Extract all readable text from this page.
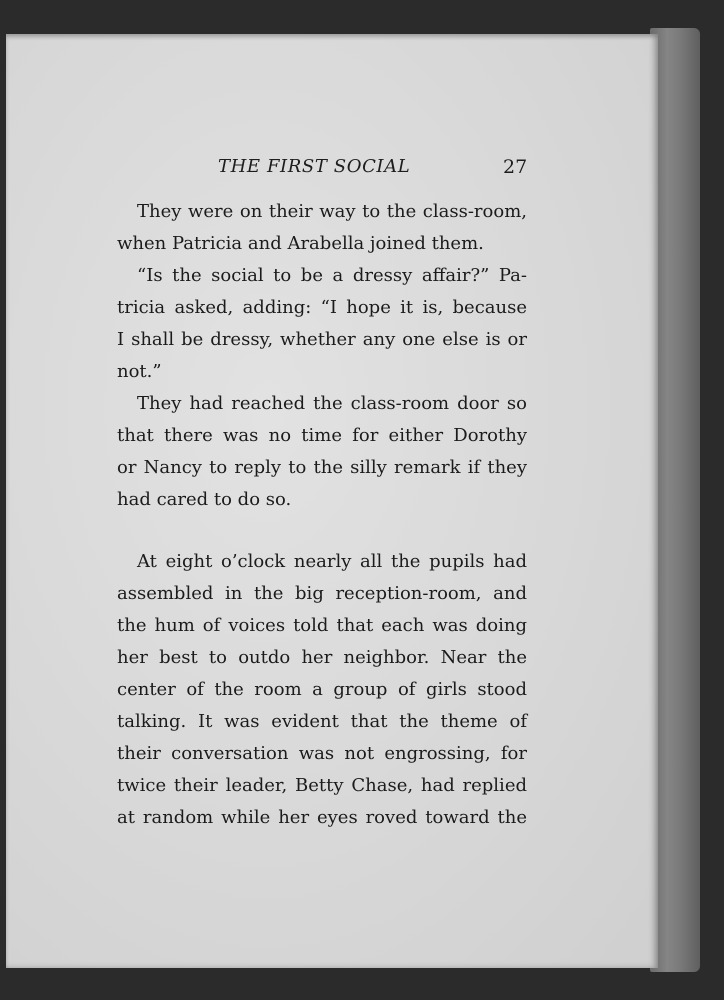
THE FIRST SOCIAL	27
They were on their way to the class-room,
when Patricia and Arabella joined them.
“Is the social to be a dressy affair?” Pa-
tricia asked, adding: “I hope it is, because
I shall be dressy, whether any one else is or
not.”
They had reached the class-room door so
that there was no time for either Dorothy
or Nancy to reply to the silly remark if they
had cared to do so.
At eight o’clock nearly all the pupils had
assembled in the big reception-room, and
the hum of voices told that each was doing
her best to outdo her neighbor. Near the
center of the room a group of girls stood
talking. It was evident that the theme of
their conversation was not engrossing, for
twice their leader, Betty Chase, had replied
at random while her eyes roved toward the
